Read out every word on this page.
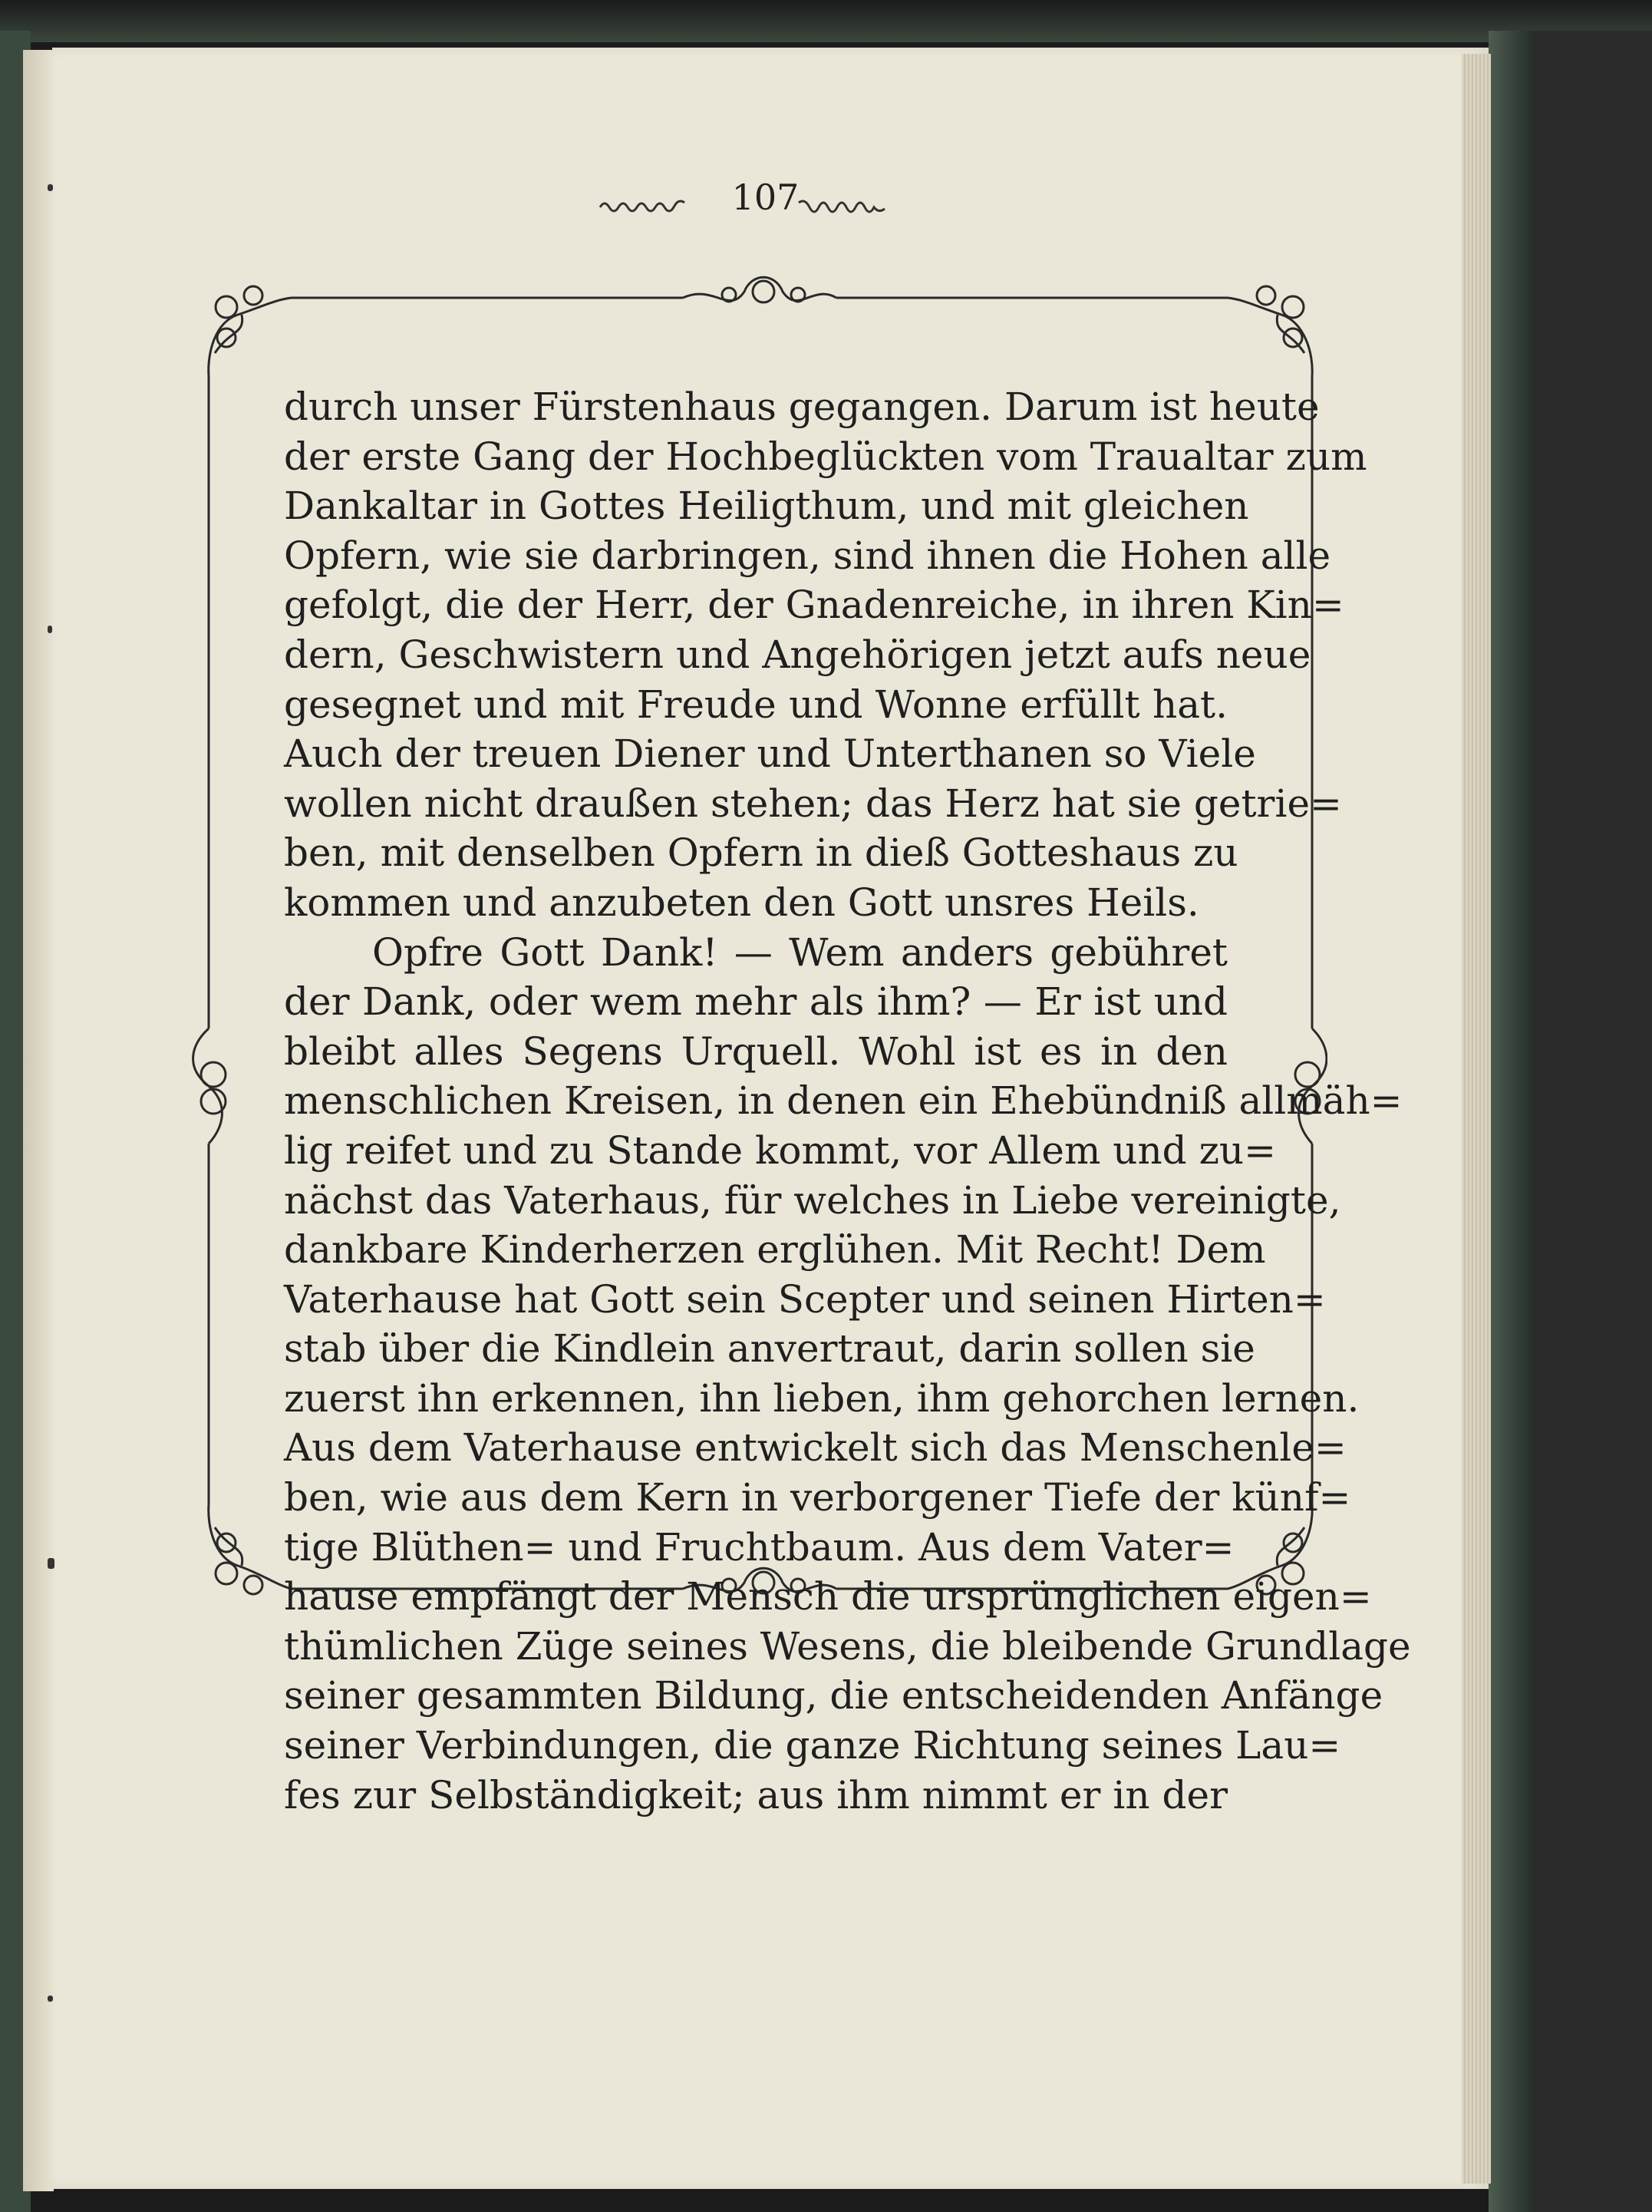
107
durch unser Fürstenhaus gegangen. Darum ist heute
der erste Gang der Hochbeglückten vom Traualtar zum
Dankaltar in Gottes Heiligthum, und mit gleichen
Opfern, wie sie darbringen, sind ihnen die Hohen alle
gefolgt, die der Herr, der Gnadenreiche, in ihren Kin=
dern, Geschwistern und Angehörigen jetzt aufs neue
gesegnet und mit Freude und Wonne erfüllt hat.
Auch der treuen Diener und Unterthanen so Viele
wollen nicht draußen stehen; das Herz hat sie getrie=
ben, mit denselben Opfern in dieß Gotteshaus zu
kommen und anzubeten den Gott unsres Heils.
Opfre Gott Dank! — Wem anders gebühret
der Dank, oder wem mehr als ihm? — Er ist und
bleibt alles Segens Urquell. Wohl ist es in den
menschlichen Kreisen, in denen ein Ehebündniß allmäh=
lig reifet und zu Stande kommt, vor Allem und zu=
nächst das Vaterhaus, für welches in Liebe vereinigte,
dankbare Kinderherzen erglühen. Mit Recht! Dem
Vaterhause hat Gott sein Scepter und seinen Hirten=
stab über die Kindlein anvertraut, darin sollen sie
zuerst ihn erkennen, ihn lieben, ihm gehorchen lernen.
Aus dem Vaterhause entwickelt sich das Menschenle=
ben, wie aus dem Kern in verborgener Tiefe der künf=
tige Blüthen= und Fruchtbaum. Aus dem Vater=
hause empfängt der Mensch die ursprünglichen eigen=
thümlichen Züge seines Wesens, die bleibende Grundlage
seiner gesammten Bildung, die entscheidenden Anfänge
seiner Verbindungen, die ganze Richtung seines Lau=
fes zur Selbständigkeit; aus ihm nimmt er in der
